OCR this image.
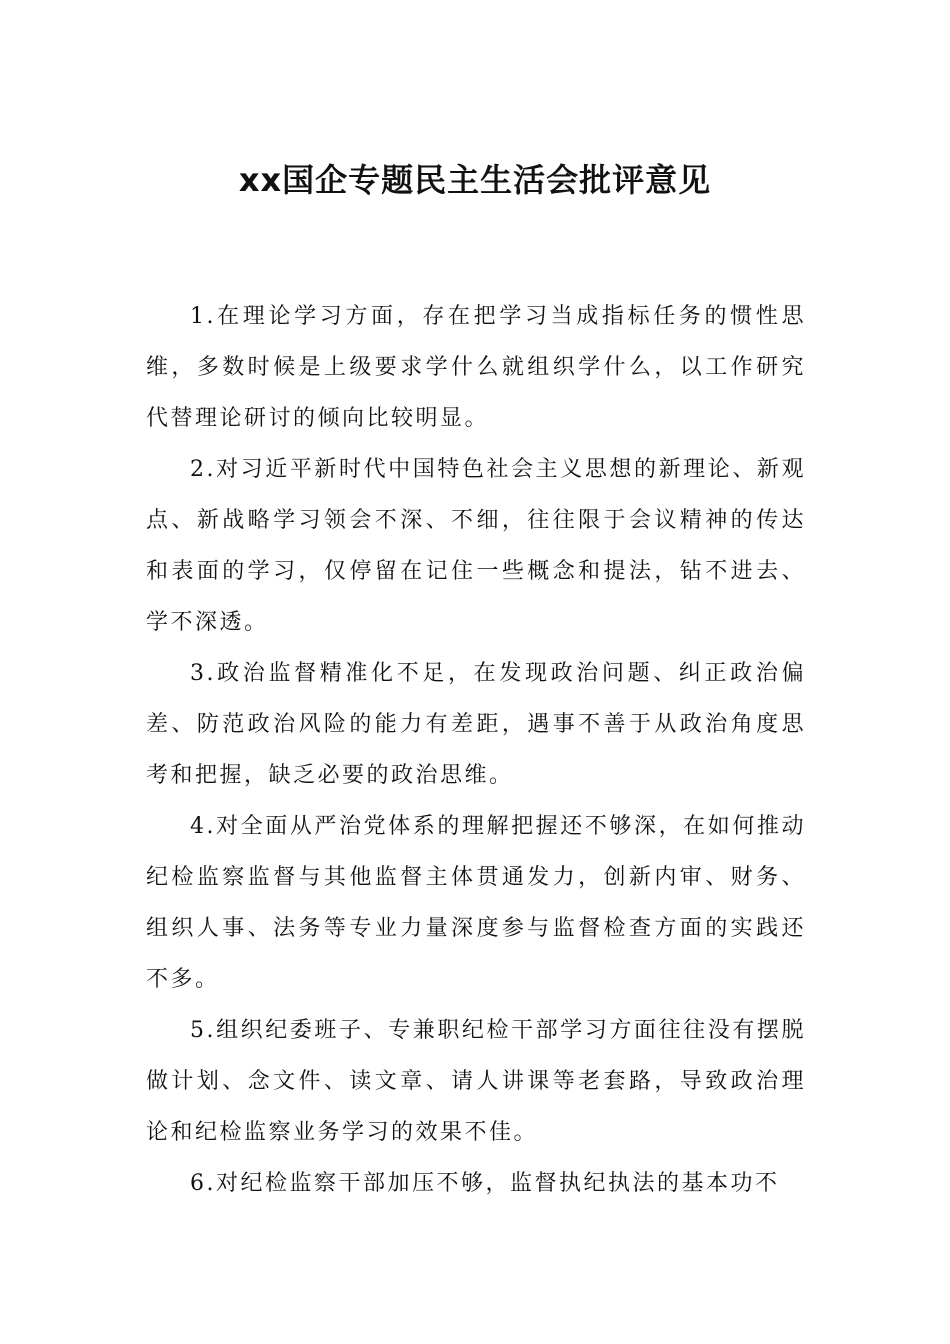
xx国企专题民主生活会批评意见

1.在理论学习方面，存在把学习当成指标任务的惯性思维，多数时候是上级要求学什么就组织学什么，以工作研究代替理论研讨的倾向比较明显。

2.对习近平新时代中国特色社会主义思想的新理论、新观点、新战略学习领会不深、不细，往往限于会议精神的传达和表面的学习，仅停留在记住一些概念和提法，钻不进去、学不深透。

3.政治监督精准化不足，在发现政治问题、纠正政治偏差、防范政治风险的能力有差距，遇事不善于从政治角度思考和把握，缺乏必要的政治思维。

4.对全面从严治党体系的理解把握还不够深，在如何推动纪检监察监督与其他监督主体贯通发力，创新内审、财务、组织人事、法务等专业力量深度参与监督检查方面的实践还不多。

5.组织纪委班子、专兼职纪检干部学习方面往往没有摆脱做计划、念文件、读文章、请人讲课等老套路，导致政治理论和纪检监察业务学习的效果不佳。

6.对纪检监察干部加压不够，监督执纪执法的基本功不
